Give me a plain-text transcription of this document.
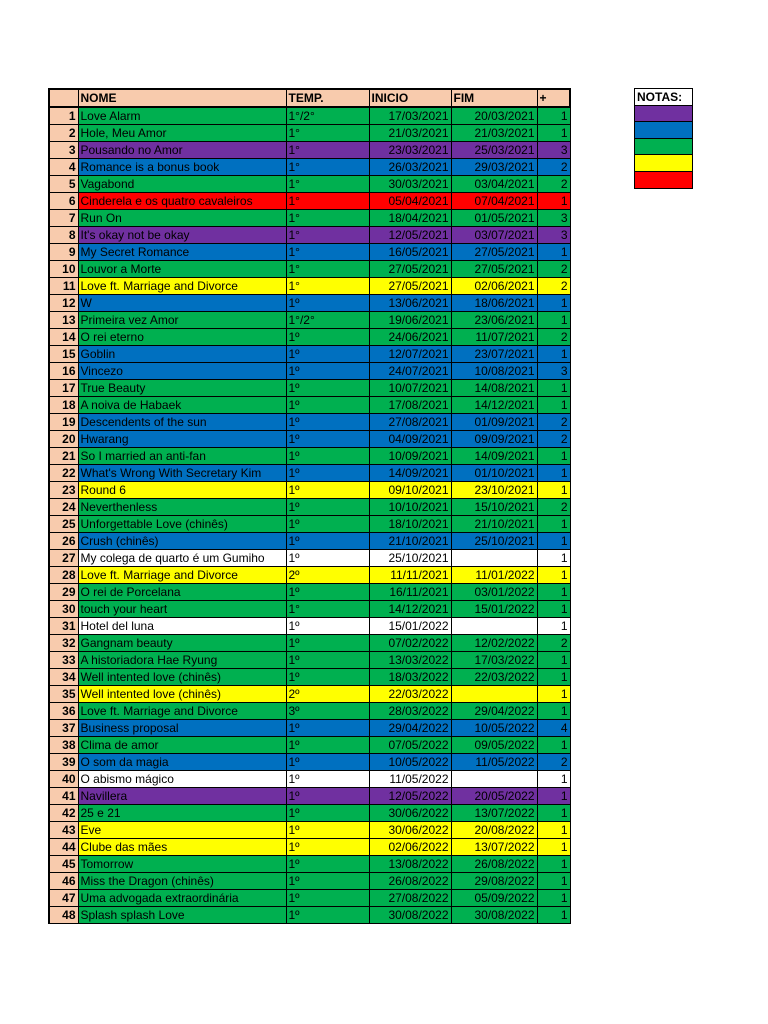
	NOME	TEMP.	INICIO	FIM	+
1	Love Alarm	1°/2°	17/03/2021	20/03/2021	1
2	Hole, Meu Amor	1°	21/03/2021	21/03/2021	1
3	Pousando no Amor	1°	23/03/2021	25/03/2021	3
4	Romance is a bonus book	1°	26/03/2021	29/03/2021	2
5	Vagabond	1°	30/03/2021	03/04/2021	2
6	Cinderela e os quatro cavaleiros	1°	05/04/2021	07/04/2021	1
7	Run On	1°	18/04/2021	01/05/2021	3
8	It's okay not be okay	1°	12/05/2021	03/07/2021	3
9	My Secret Romance	1°	16/05/2021	27/05/2021	1
10	Louvor a Morte	1°	27/05/2021	27/05/2021	2
11	Love ft. Marriage and Divorce	1°	27/05/2021	02/06/2021	2
12	W	1º	13/06/2021	18/06/2021	1
13	Primeira vez Amor	1°/2°	19/06/2021	23/06/2021	1
14	O rei eterno	1º	24/06/2021	11/07/2021	2
15	Goblin	1º	12/07/2021	23/07/2021	1
16	Vincezo	1º	24/07/2021	10/08/2021	3
17	True Beauty	1º	10/07/2021	14/08/2021	1
18	A noiva de Habaek	1º	17/08/2021	14/12/2021	1
19	Descendents of the sun	1º	27/08/2021	01/09/2021	2
20	Hwarang	1º	04/09/2021	09/09/2021	2
21	So I married an anti-fan	1º	10/09/2021	14/09/2021	1
22	What's Wrong With Secretary Kim	1º	14/09/2021	01/10/2021	1
23	Round 6	1º	09/10/2021	23/10/2021	1
24	Neverthenless	1º	10/10/2021	15/10/2021	2
25	Unforgettable Love (chinês)	1º	18/10/2021	21/10/2021	1
26	Crush (chinês)	1º	21/10/2021	25/10/2021	1
27	My colega de quarto é um Gumiho	1º	25/10/2021		1
28	Love ft. Marriage and Divorce	2º	11/11/2021	11/01/2022	1
29	O rei de Porcelana	1º	16/11/2021	03/01/2022	1
30	touch your heart	1°	14/12/2021	15/01/2022	1
31	Hotel del luna	1º	15/01/2022		1
32	Gangnam beauty	1º	07/02/2022	12/02/2022	2
33	A historiadora Hae Ryung	1º	13/03/2022	17/03/2022	1
34	Well intented love (chinês)	1º	18/03/2022	22/03/2022	1
35	Well intented love (chinês)	2º	22/03/2022		1
36	Love ft. Marriage and Divorce	3º	28/03/2022	29/04/2022	1
37	Business proposal	1º	29/04/2022	10/05/2022	4
38	Clima de amor	1º	07/05/2022	09/05/2022	1
39	O som da magia	1º	10/05/2022	11/05/2022	2
40	O abismo mágico	1º	11/05/2022		1
41	Navillera	1º	12/05/2022	20/05/2022	1
42	25 e 21	1º	30/06/2022	13/07/2022	1
43	Eve	1º	30/06/2022	20/08/2022	1
44	Clube das mães	1º	02/06/2022	13/07/2022	1
45	Tomorrow	1º	13/08/2022	26/08/2022	1
46	Miss the Dragon (chinês)	1º	26/08/2022	29/08/2022	1
47	Uma advogada extraordinária	1º	27/08/2022	05/09/2022	1
48	Splash splash Love	1º	30/08/2022	30/08/2022	1
NOTAS:
